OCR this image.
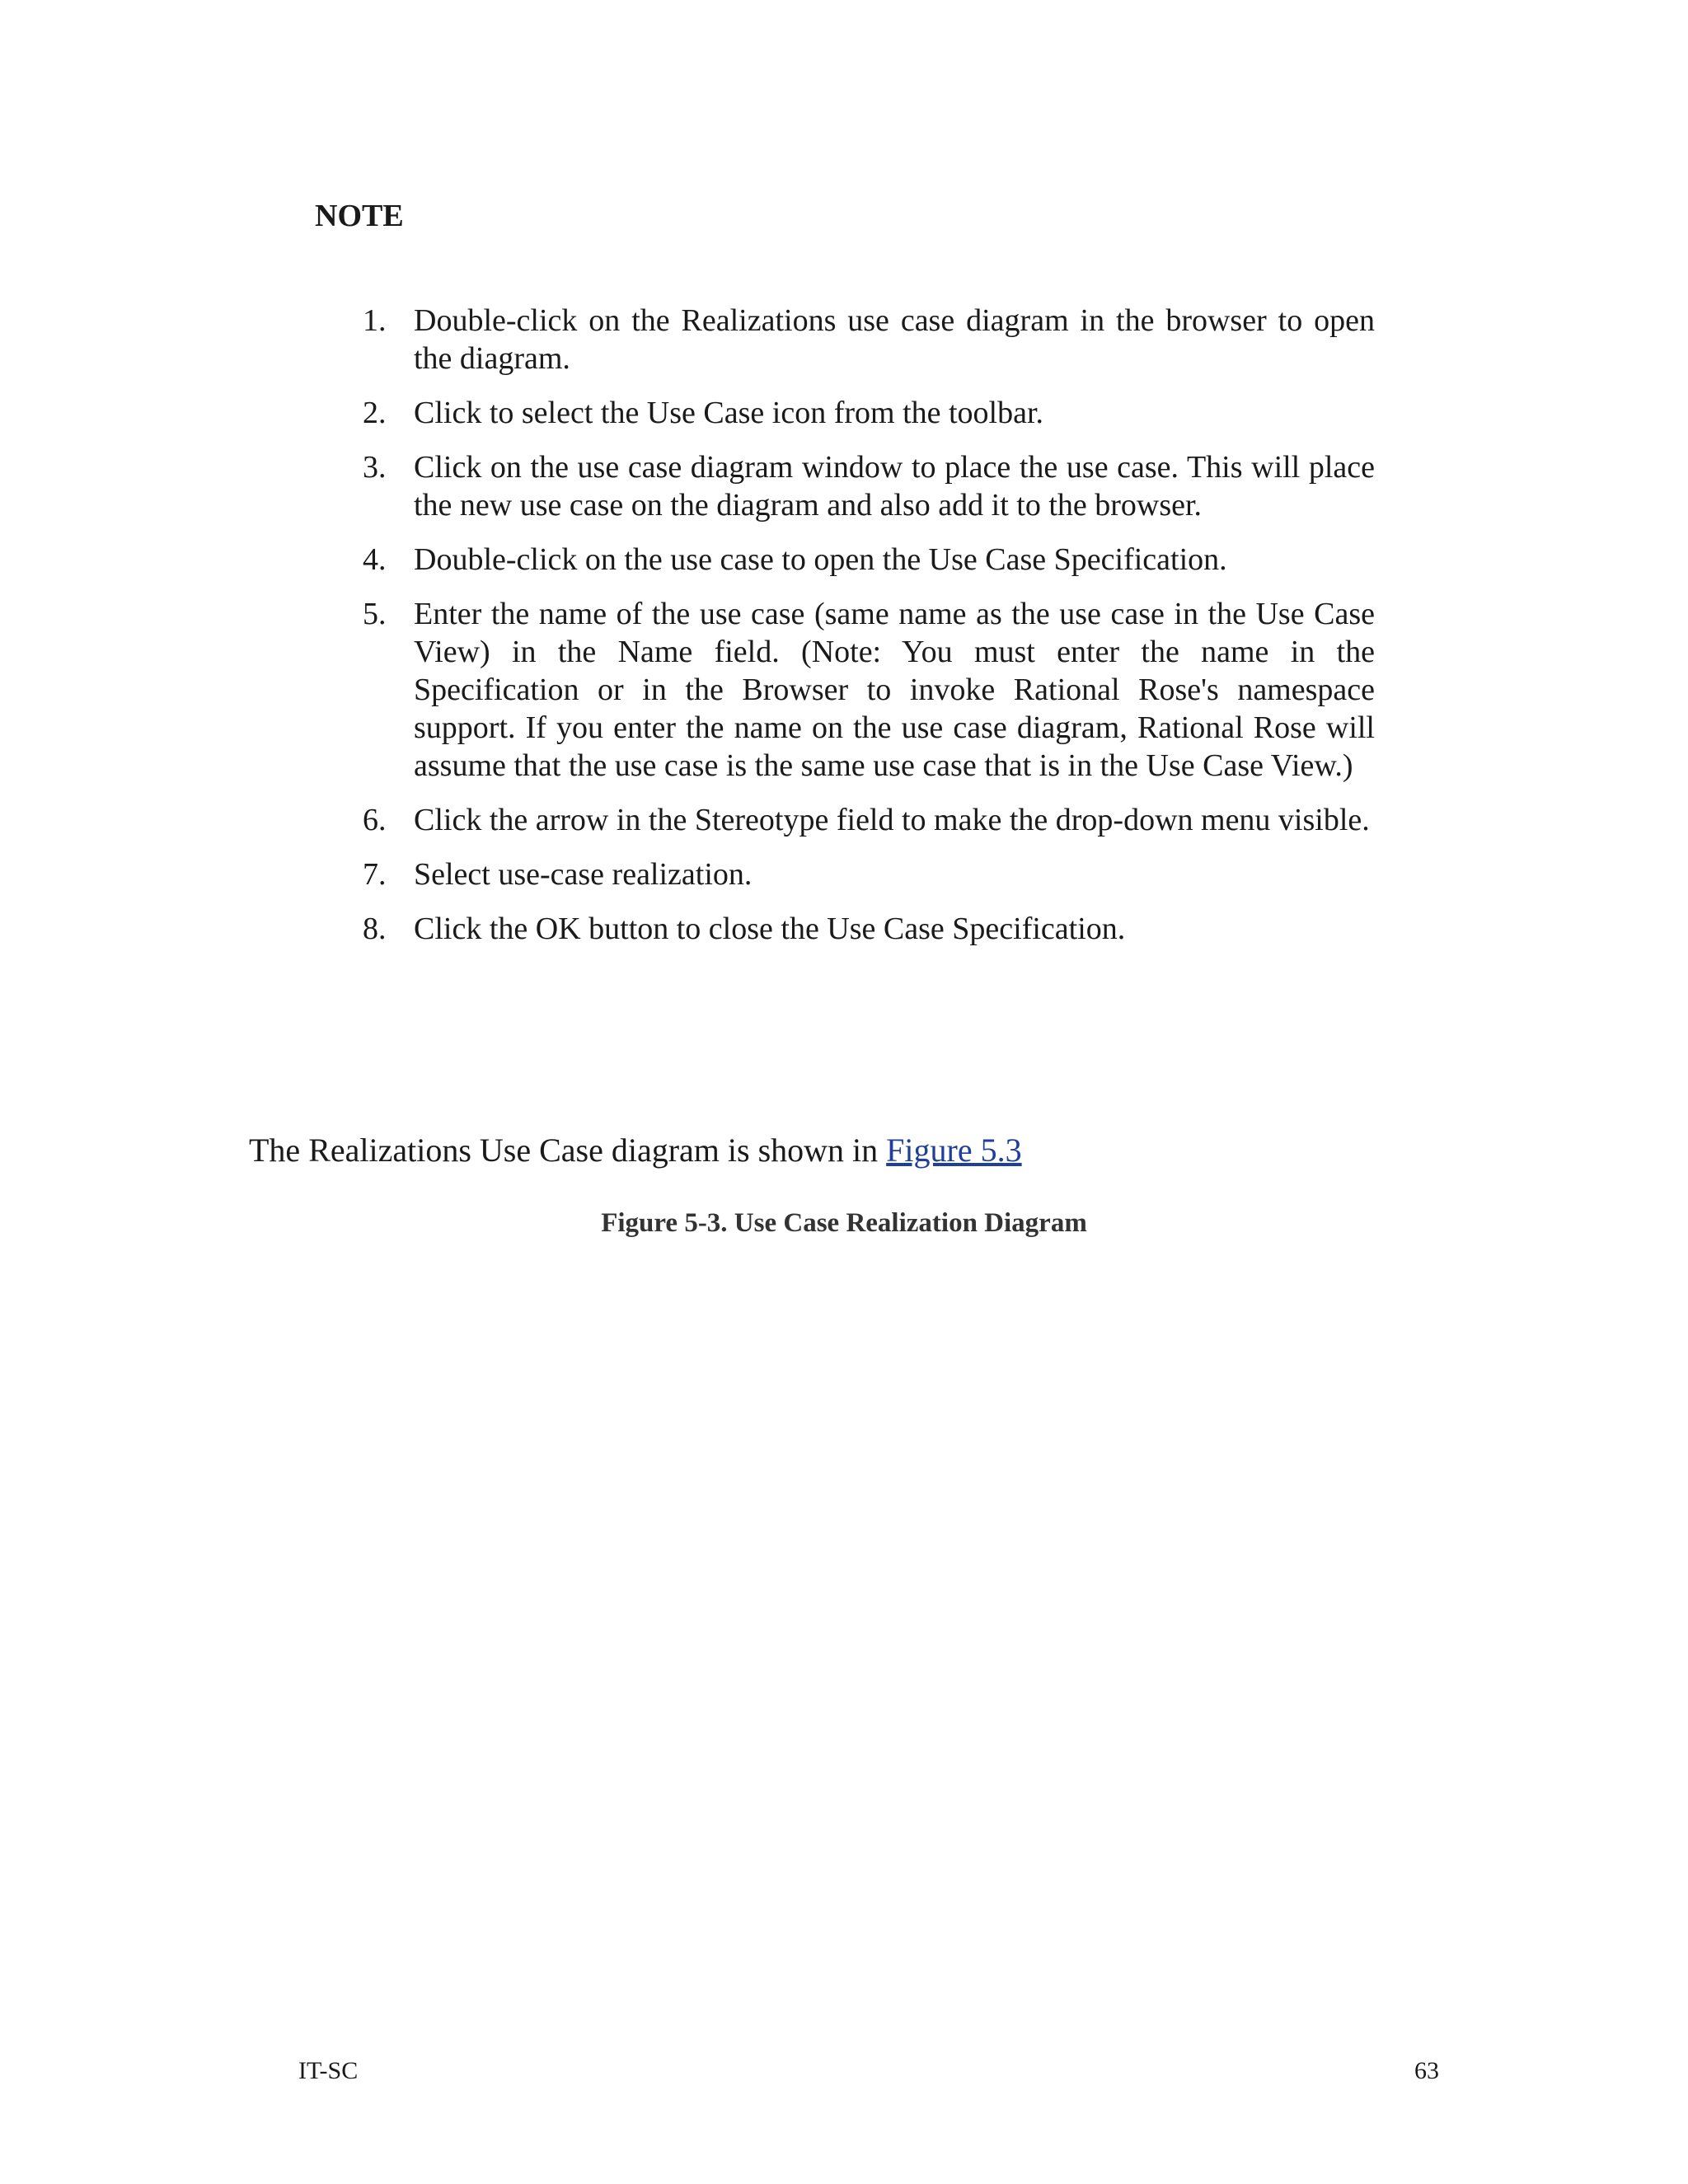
NOTE
1. Double-click on the Realizations use case diagram in the browser to open the diagram.
2. Click to select the Use Case icon from the toolbar.
3. Click on the use case diagram window to place the use case. This will place the new use case on the diagram and also add it to the browser.
4. Double-click on the use case to open the Use Case Specification.
5. Enter the name of the use case (same name as the use case in the Use Case View) in the Name field. (Note: You must enter the name in the Specification or in the Browser to invoke Rational Rose's namespace support. If you enter the name on the use case diagram, Rational Rose will assume that the use case is the same use case that is in the Use Case View.)
6. Click the arrow in the Stereotype field to make the drop-down menu visible.
7. Select use-case realization.
8. Click the OK button to close the Use Case Specification.

The Realizations Use Case diagram is shown in Figure 5.3

Figure 5-3. Use Case Realization Diagram

IT-SC	63
